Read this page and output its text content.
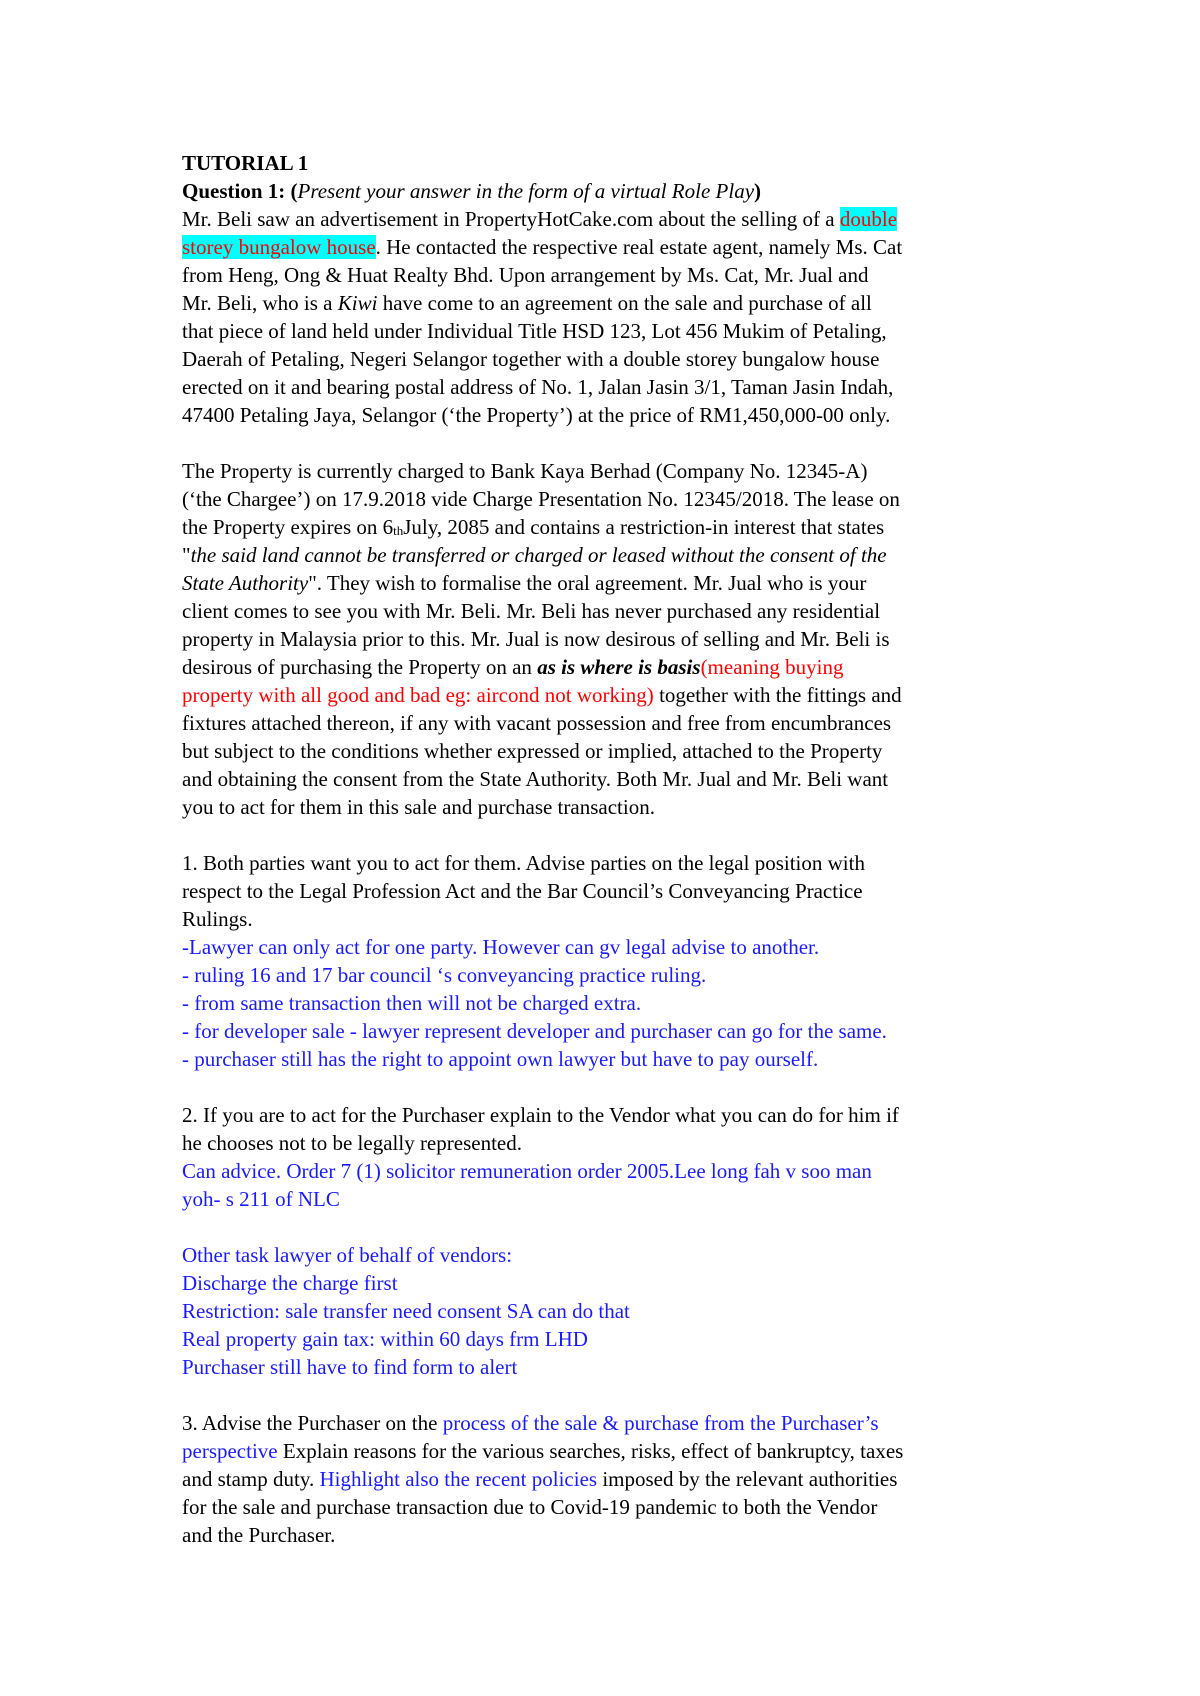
TUTORIAL 1
Question 1: (Present your answer in the form of a virtual Role Play)
Mr. Beli saw an advertisement in PropertyHotCake.com about the selling of a double
storey bungalow house. He contacted the respective real estate agent, namely Ms. Cat
from Heng, Ong & Huat Realty Bhd. Upon arrangement by Ms. Cat, Mr. Jual and
Mr. Beli, who is a Kiwi have come to an agreement on the sale and purchase of all
that piece of land held under Individual Title HSD 123, Lot 456 Mukim of Petaling,
Daerah of Petaling, Negeri Selangor together with a double storey bungalow house
erected on it and bearing postal address of No. 1, Jalan Jasin 3/1, Taman Jasin Indah,
47400 Petaling Jaya, Selangor (‘the Property’) at the price of RM1,450,000-00 only.
The Property is currently charged to Bank Kaya Berhad (Company No. 12345-A)
(‘the Chargee’) on 17.9.2018 vide Charge Presentation No. 12345/2018. The lease on
the Property expires on $6_{th}July$, 2085 and contains a restriction-in interest that states
"the said land cannot be transferred or charged or leased without the consent of the
State Authority". They wish to formalise the oral agreement. Mr. Jual who is your
client comes to see you with Mr. Beli. Mr. Beli has never purchased any residential
property in Malaysia prior to this. Mr. Jual is now desirous of selling and Mr. Beli is
desirous of purchasing the Property on an as is where is basis(meaning buying
property with all good and bad eg: aircond not working) together with the fittings and
fixtures attached thereon, if any with vacant possession and free from encumbrances
but subject to the conditions whether expressed or implied, attached to the Property
and obtaining the consent from the State Authority. Both Mr. Jual and Mr. Beli want
you to act for them in this sale and purchase transaction.
1. Both parties want you to act for them. Advise parties on the legal position with
respect to the Legal Profession Act and the Bar Council’s Conveyancing Practice
Rulings.
-Lawyer can only act for one party. However can gv legal advise to another.
- ruling 16 and 17 bar council ‘s conveyancing practice ruling.
- from same transaction then will not be charged extra.
- for developer sale - lawyer represent developer and purchaser can go for the same.
- purchaser still has the right to appoint own lawyer but have to pay ourself.
2. If you are to act for the Purchaser explain to the Vendor what you can do for him if
he chooses not to be legally represented.
Can advice. Order 7 (1) solicitor remuneration order 2005.Lee long fah v soo man
yoh- s 211 of NLC
Other task lawyer of behalf of vendors:
Discharge the charge first
Restriction: sale transfer need consent SA can do that
Real property gain tax: within 60 days frm LHD
Purchaser still have to find form to alert
3. Advise the Purchaser on the process of the sale & purchase from the Purchaser’s
perspective Explain reasons for the various searches, risks, effect of bankruptcy, taxes
and stamp duty. Highlight also the recent policies imposed by the relevant authorities
for the sale and purchase transaction due to Covid-19 pandemic to both the Vendor
and the Purchaser.
